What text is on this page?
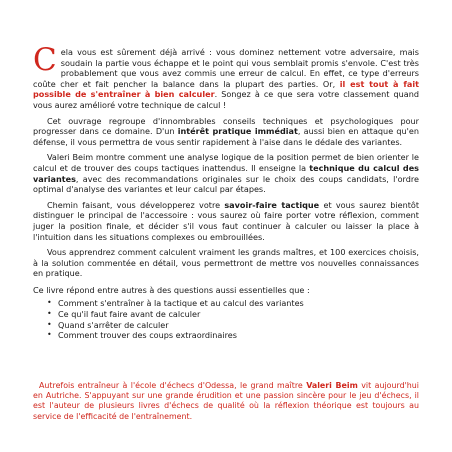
Cela vous est sûrement déjà arrivé : vous dominez nettement votre adversaire, mais soudain la partie vous échappe et le point qui vous semblait promis s'envole. C'est très probablement que vous avez commis une erreur de calcul. En effet, ce type d'erreurs coûte cher et fait pencher la balance dans la plupart des parties. Or, il est tout à fait possible de s'entraîner à bien calculer. Songez à ce que sera votre classement quand vous aurez amélioré votre technique de calcul !

Cet ouvrage regroupe d'innombrables conseils techniques et psychologiques pour progresser dans ce domaine. D'un intérêt pratique immédiat, aussi bien en attaque qu'en défense, il vous permettra de vous sentir rapidement à l'aise dans le dédale des variantes.

Valeri Beim montre comment une analyse logique de la position permet de bien orienter le calcul et de trouver des coups tactiques inattendus. Il enseigne la technique du calcul des variantes, avec des recommandations originales sur le choix des coups candidats, l'ordre optimal d'analyse des variantes et leur calcul par étapes.

Chemin faisant, vous développerez votre savoir-faire tactique et vous saurez bientôt distinguer le principal de l'accessoire : vous saurez où faire porter votre réflexion, comment juger la position finale, et décider s'il vous faut continuer à calculer ou laisser la place à l'intuition dans les situations complexes ou embrouillées.

Vous apprendrez comment calculent vraiment les grands maîtres, et 100 exercices choisis, à la solution commentée en détail, vous permettront de mettre vos nouvelles connaissances en pratique.

Ce livre répond entre autres à des questions aussi essentielles que :

• Comment s'entraîner à la tactique et au calcul des variantes
• Ce qu'il faut faire avant de calculer
• Quand s'arrêter de calculer
• Comment trouver des coups extraordinaires

Autrefois entraîneur à l'école d'échecs d'Odessa, le grand maître Valeri Beim vit aujourd'hui en Autriche. S'appuyant sur une grande érudition et une passion sincère pour le jeu d'échecs, il est l'auteur de plusieurs livres d'échecs de qualité où la réflexion théorique est toujours au service de l'efficacité de l'entraînement.
